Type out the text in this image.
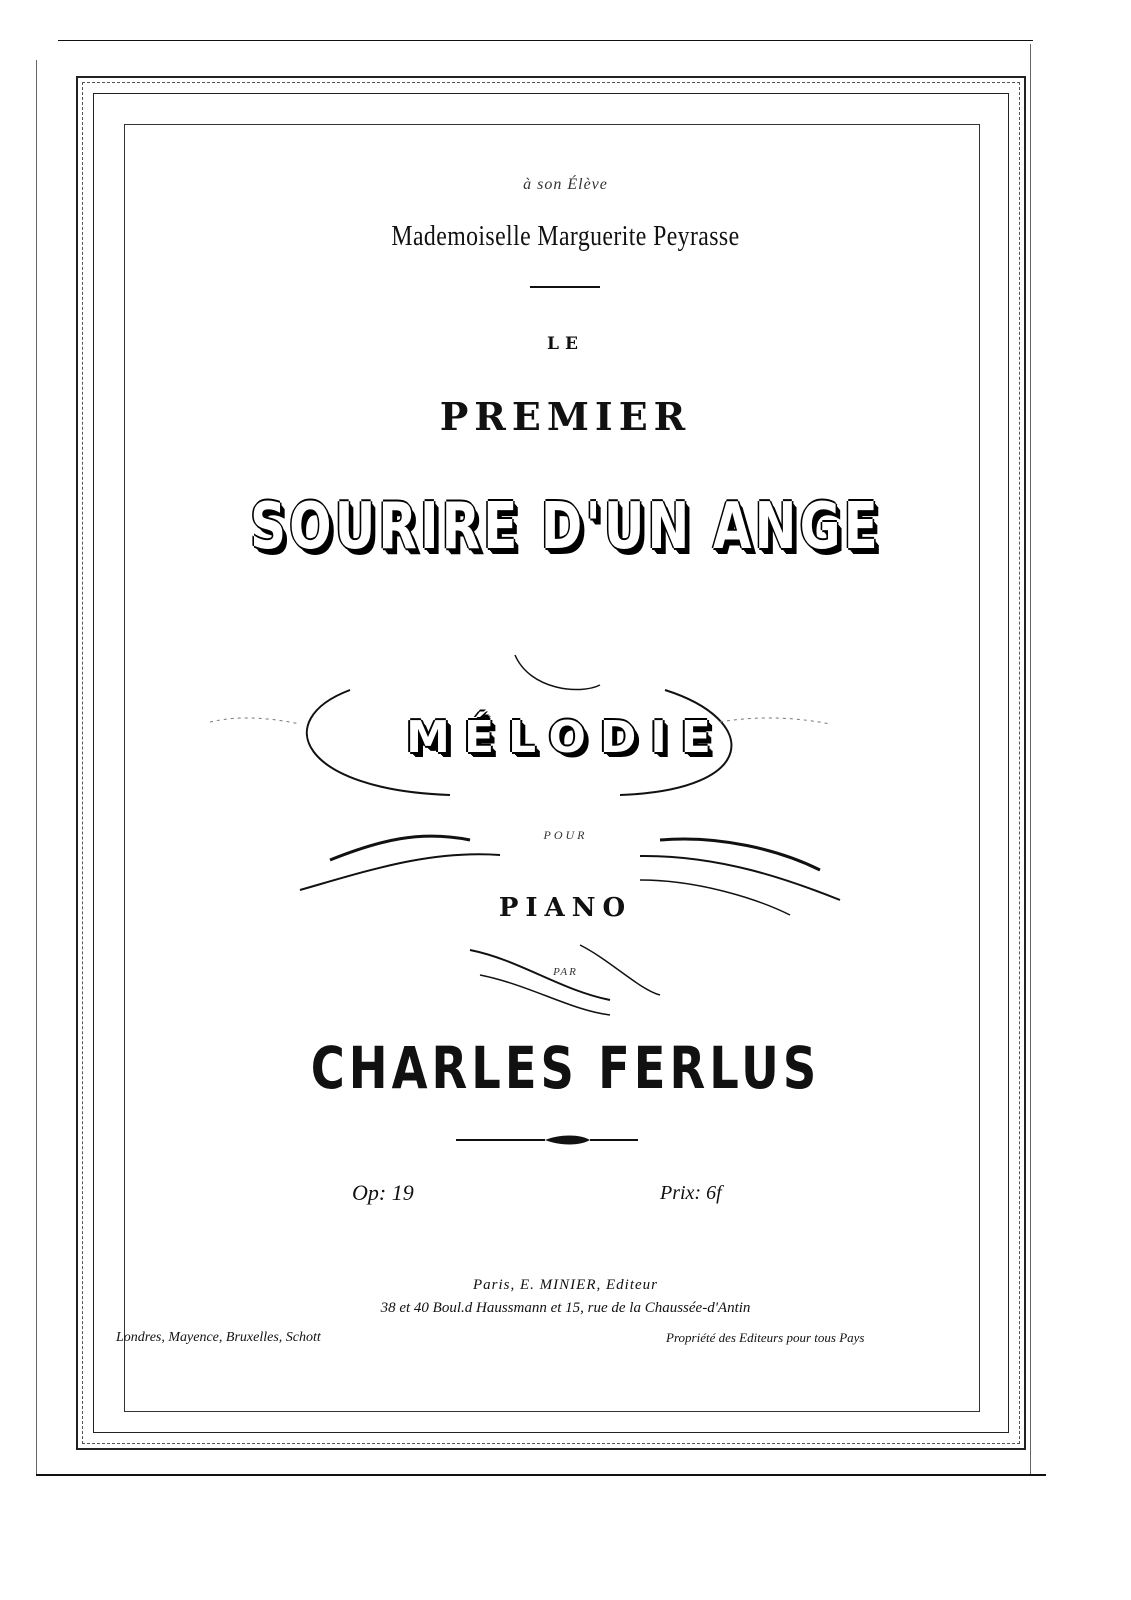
à son Élève
Mademoiselle Marguerite Peyrasse
LE
PREMIER
SOURIRE D'UN ANGE
MÉLODIE
POUR
PIANO
PAR
CHARLES FERLUS
Op: 19	Prix: 6f
Paris, E. MINIER, Editeur
38 et 40 Boul.d Haussmann et 15, rue de la Chaussée-d'Antin
Londres, Mayence, Bruxelles, Schott	Propriété des Editeurs pour tous Pays
